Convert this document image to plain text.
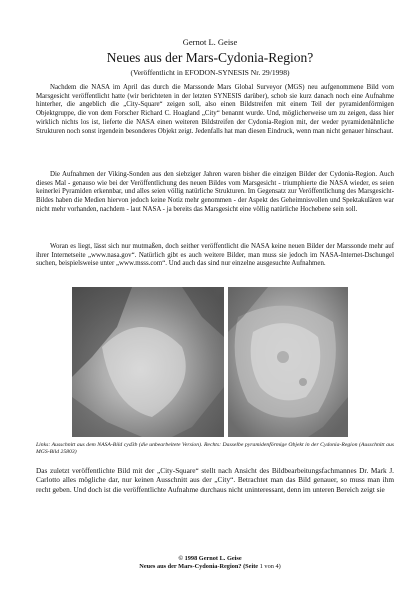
Gernot L. Geise
Neues aus der Mars-Cydonia-Region?
(Veröffentlicht in EFODON-SYNESIS Nr. 29/1998)

Nachdem die NASA im April das durch die Marssonde Mars Global Surveyor (MGS) neu aufgenommene Bild vom Marsgesicht veröffentlicht hatte (wir berichteten in der letzten SYNESIS darüber), schob sie kurz danach noch eine Aufnahme hinterher, die angeblich die „City-Square“ zeigen soll, also einen Bildstreifen mit einem Teil der pyramidenförmigen Objektgruppe, die von dem Forscher Richard C. Hoagland „City“ benannt wurde. Und, möglicherweise um zu zeigen, dass hier wirklich nichts los ist, lieferte die NASA einen weiteren Bildstreifen der Cydonia-Region mit, der weder pyramidenähnliche Strukturen noch sonst irgendein besonderes Objekt zeigt. Jedenfalls hat man diesen Eindruck, wenn man nicht genauer hinschaut.

Die Aufnahmen der Viking-Sonden aus den siebziger Jahren waren bisher die einzigen Bilder der Cydonia-Region. Auch dieses Mal - genauso wie bei der Veröffentlichung des neuen Bildes vom Marsgesicht - triumphierte die NASA wieder, es seien keinerlei Pyramiden erkennbar, und alles seien völlig natürliche Strukturen. Im Gegensatz zur Veröffentlichung des Marsgesicht-Bildes haben die Medien hiervon jedoch keine Notiz mehr genommen - der Aspekt des Geheimnisvollen und Spektakulären war nicht mehr vorhanden, nachdem - laut NASA - ja bereits das Marsgesicht eine völlig natürliche Hochebene sein soll.

Woran es liegt, lässt sich nur mutmaßen, doch seither veröffentlicht die NASA keine neuen Bilder der Marssonde mehr auf ihrer Internetseite „www.nasa.gov“. Natürlich gibt es auch weitere Bilder, man muss sie jedoch im NASA-Internet-Dschungel suchen, beispielsweise unter „www.msss.com“. Und auch das sind nur einzelne ausgesuchte Aufnahmen.

Links: Ausschnitt aus dem NASA-Bild cyd3b (die unbearbeitete Version). Rechts: Dasselbe pyramidenförmige Objekt in der Cydonia-Region (Ausschnitt aus MGS-Bild 25803)

Das zuletzt veröffentlichte Bild mit der „City-Square“ stellt nach Ansicht des Bildbearbeitungsfachmannes Dr. Mark J. Carlotto alles mögliche dar, nur keinen Ausschnitt aus der „City“. Betrachtet man das Bild genauer, so muss man ihm recht geben. Und doch ist die veröffentlichte Aufnahme durchaus nicht uninteressant, denn im unteren Bereich zeigt sie

© 1998 Gernot L. Geise
Neues aus der Mars-Cydonia-Region? (Seite 1 von 4)
